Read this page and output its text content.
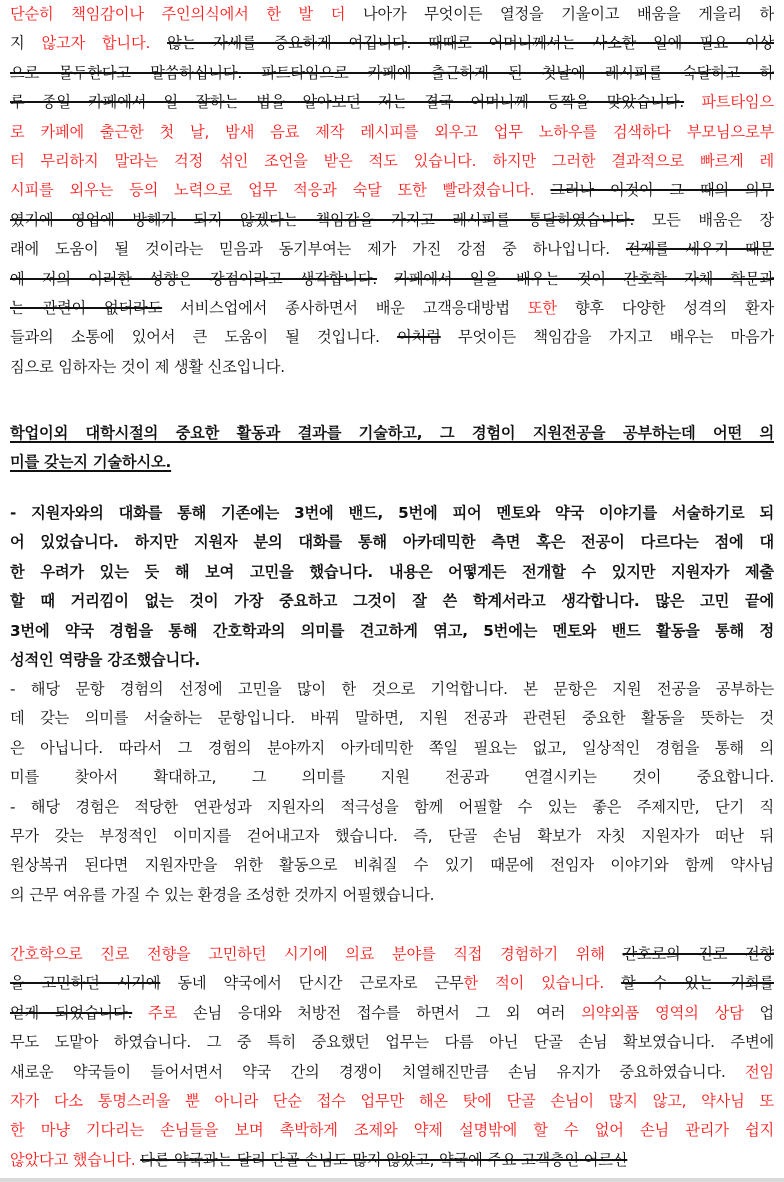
단순히 책임감이나 주인의식에서 한 발 더 나아가 무엇이든 열정을 기울이고 배움을 게을리 하
지 않고자 합니다. 않는 자세를 중요하게 여깁니다. 때때로 어머니께서는 사소한 일에 필요 이상
으로 몰두한다고 말씀하십니다. 파트타임으로 카페에 출근하게 된 첫날에 레시피를 숙달하고 하
루 종일 카페에서 일 잘하는 법을 알아보던 저는 결국 어머니께 등짝을 맞았습니다. 파트타임으
로 카페에 출근한 첫 날, 밤새 음료 제작 레시피를 외우고 업무 노하우를 검색하다 부모님으로부
터 무리하지 말라는 걱정 섞인 조언을 받은 적도 있습니다. 하지만 그러한 결과적으로 빠르게 레
시피를 외우는 등의 노력으로 업무 적응과 숙달 또한 빨라졌습니다. 그러나 이것이 그 때의 의무
였기에 영업에 방해가 되지 않겠다는 책임감을 가지고 레시피를 통달하였습니다. 모든 배움은 장
래에 도움이 될 것이라는 믿음과 동기부여는 제가 가진 강점 중 하나입니다. 전제를 세우기 때문
에 저의 이러한 성향은 강점이라고 생각합니다. 카페에서 일을 배우는 것이 간호학 자체 학문과
는 관련이 없더라도 서비스업에서 종사하면서 배운 고객응대방법 또한 향후 다양한 성격의 환자
들과의 소통에 있어서 큰 도움이 될 것입니다. 이처럼 무엇이든 책임감을 가지고 배우는 마음가
짐으로 임하자는 것이 제 생활 신조입니다.
학업이외 대학시절의 중요한 활동과 결과를 기술하고, 그 경험이 지원전공을 공부하는데 어떤 의
미를 갖는지 기술하시오.
- 지원자와의 대화를 통해 기존에는 3번에 밴드, 5번에 피어 멘토와 약국 이야기를 서술하기로 되
어 있었습니다. 하지만 지원자 분의 대화를 통해 아카데믹한 측면 혹은 전공이 다르다는 점에 대
한 우려가 있는 듯 해 보여 고민을 했습니다. 내용은 어떻게든 전개할 수 있지만 지원자가 제출
할 때 거리낌이 없는 것이 가장 중요하고 그것이 잘 쓴 학계서라고 생각합니다. 많은 고민 끝에
3번에 약국 경험을 통해 간호학과의 의미를 견고하게 엮고, 5번에는 멘토와 밴드 활동을 통해 정
성적인 역량을 강조했습니다.
- 해당 문항 경험의 선정에 고민을 많이 한 것으로 기억합니다. 본 문항은 지원 전공을 공부하는
데 갖는 의미를 서술하는 문항입니다. 바꿔 말하면, 지원 전공과 관련된 중요한 활동을 뜻하는 것
은 아닙니다. 따라서 그 경험의 분야까지 아카데믹한 쪽일 필요는 없고, 일상적인 경험을 통해 의
미를 찾아서 확대하고, 그 의미를 지원 전공과 연결시키는 것이 중요합니다.
- 해당 경험은 적당한 연관성과 지원자의 적극성을 함께 어필할 수 있는 좋은 주제지만, 단기 직
무가 갖는 부정적인 이미지를 걷어내고자 했습니다. 즉, 단골 손님 확보가 자칫 지원자가 떠난 뒤
원상복귀 된다면 지원자만을 위한 활동으로 비춰질 수 있기 때문에 전임자 이야기와 함께 약사님
의 근무 여유를 가질 수 있는 환경을 조성한 것까지 어필했습니다.
간호학으로 진로 전향을 고민하던 시기에 의료 분야를 직접 경험하기 위해 간호로의 진로 전향
을 고민하던 시기에 동네 약국에서 단시간 근로자로 근무한 적이 있습니다. 할 수 있는 기회를
얻게 되었습니다. 주로 손님 응대와 처방전 접수를 하면서 그 외 여러 의약외품 영역의 상담 업
무도 도맡아 하였습니다. 그 중 특히 중요했던 업무는 다름 아닌 단골 손님 확보였습니다. 주변에
새로운 약국들이 들어서면서 약국 간의 경쟁이 치열해진만큼 손님 유지가 중요하였습니다. 전임
자가 다소 통명스러울 뿐 아니라 단순 접수 업무만 해온 탓에 단골 손님이 많지 않고, 약사님 또
한 마냥 기다리는 손님들을 보며 촉박하게 조제와 약제 설명밖에 할 수 없어 손님 관리가 쉽지
않았다고 했습니다. 다른 약국과는 달리 단골 손님도 많지 않았고, 약국에 주요 고객층인 어르신
